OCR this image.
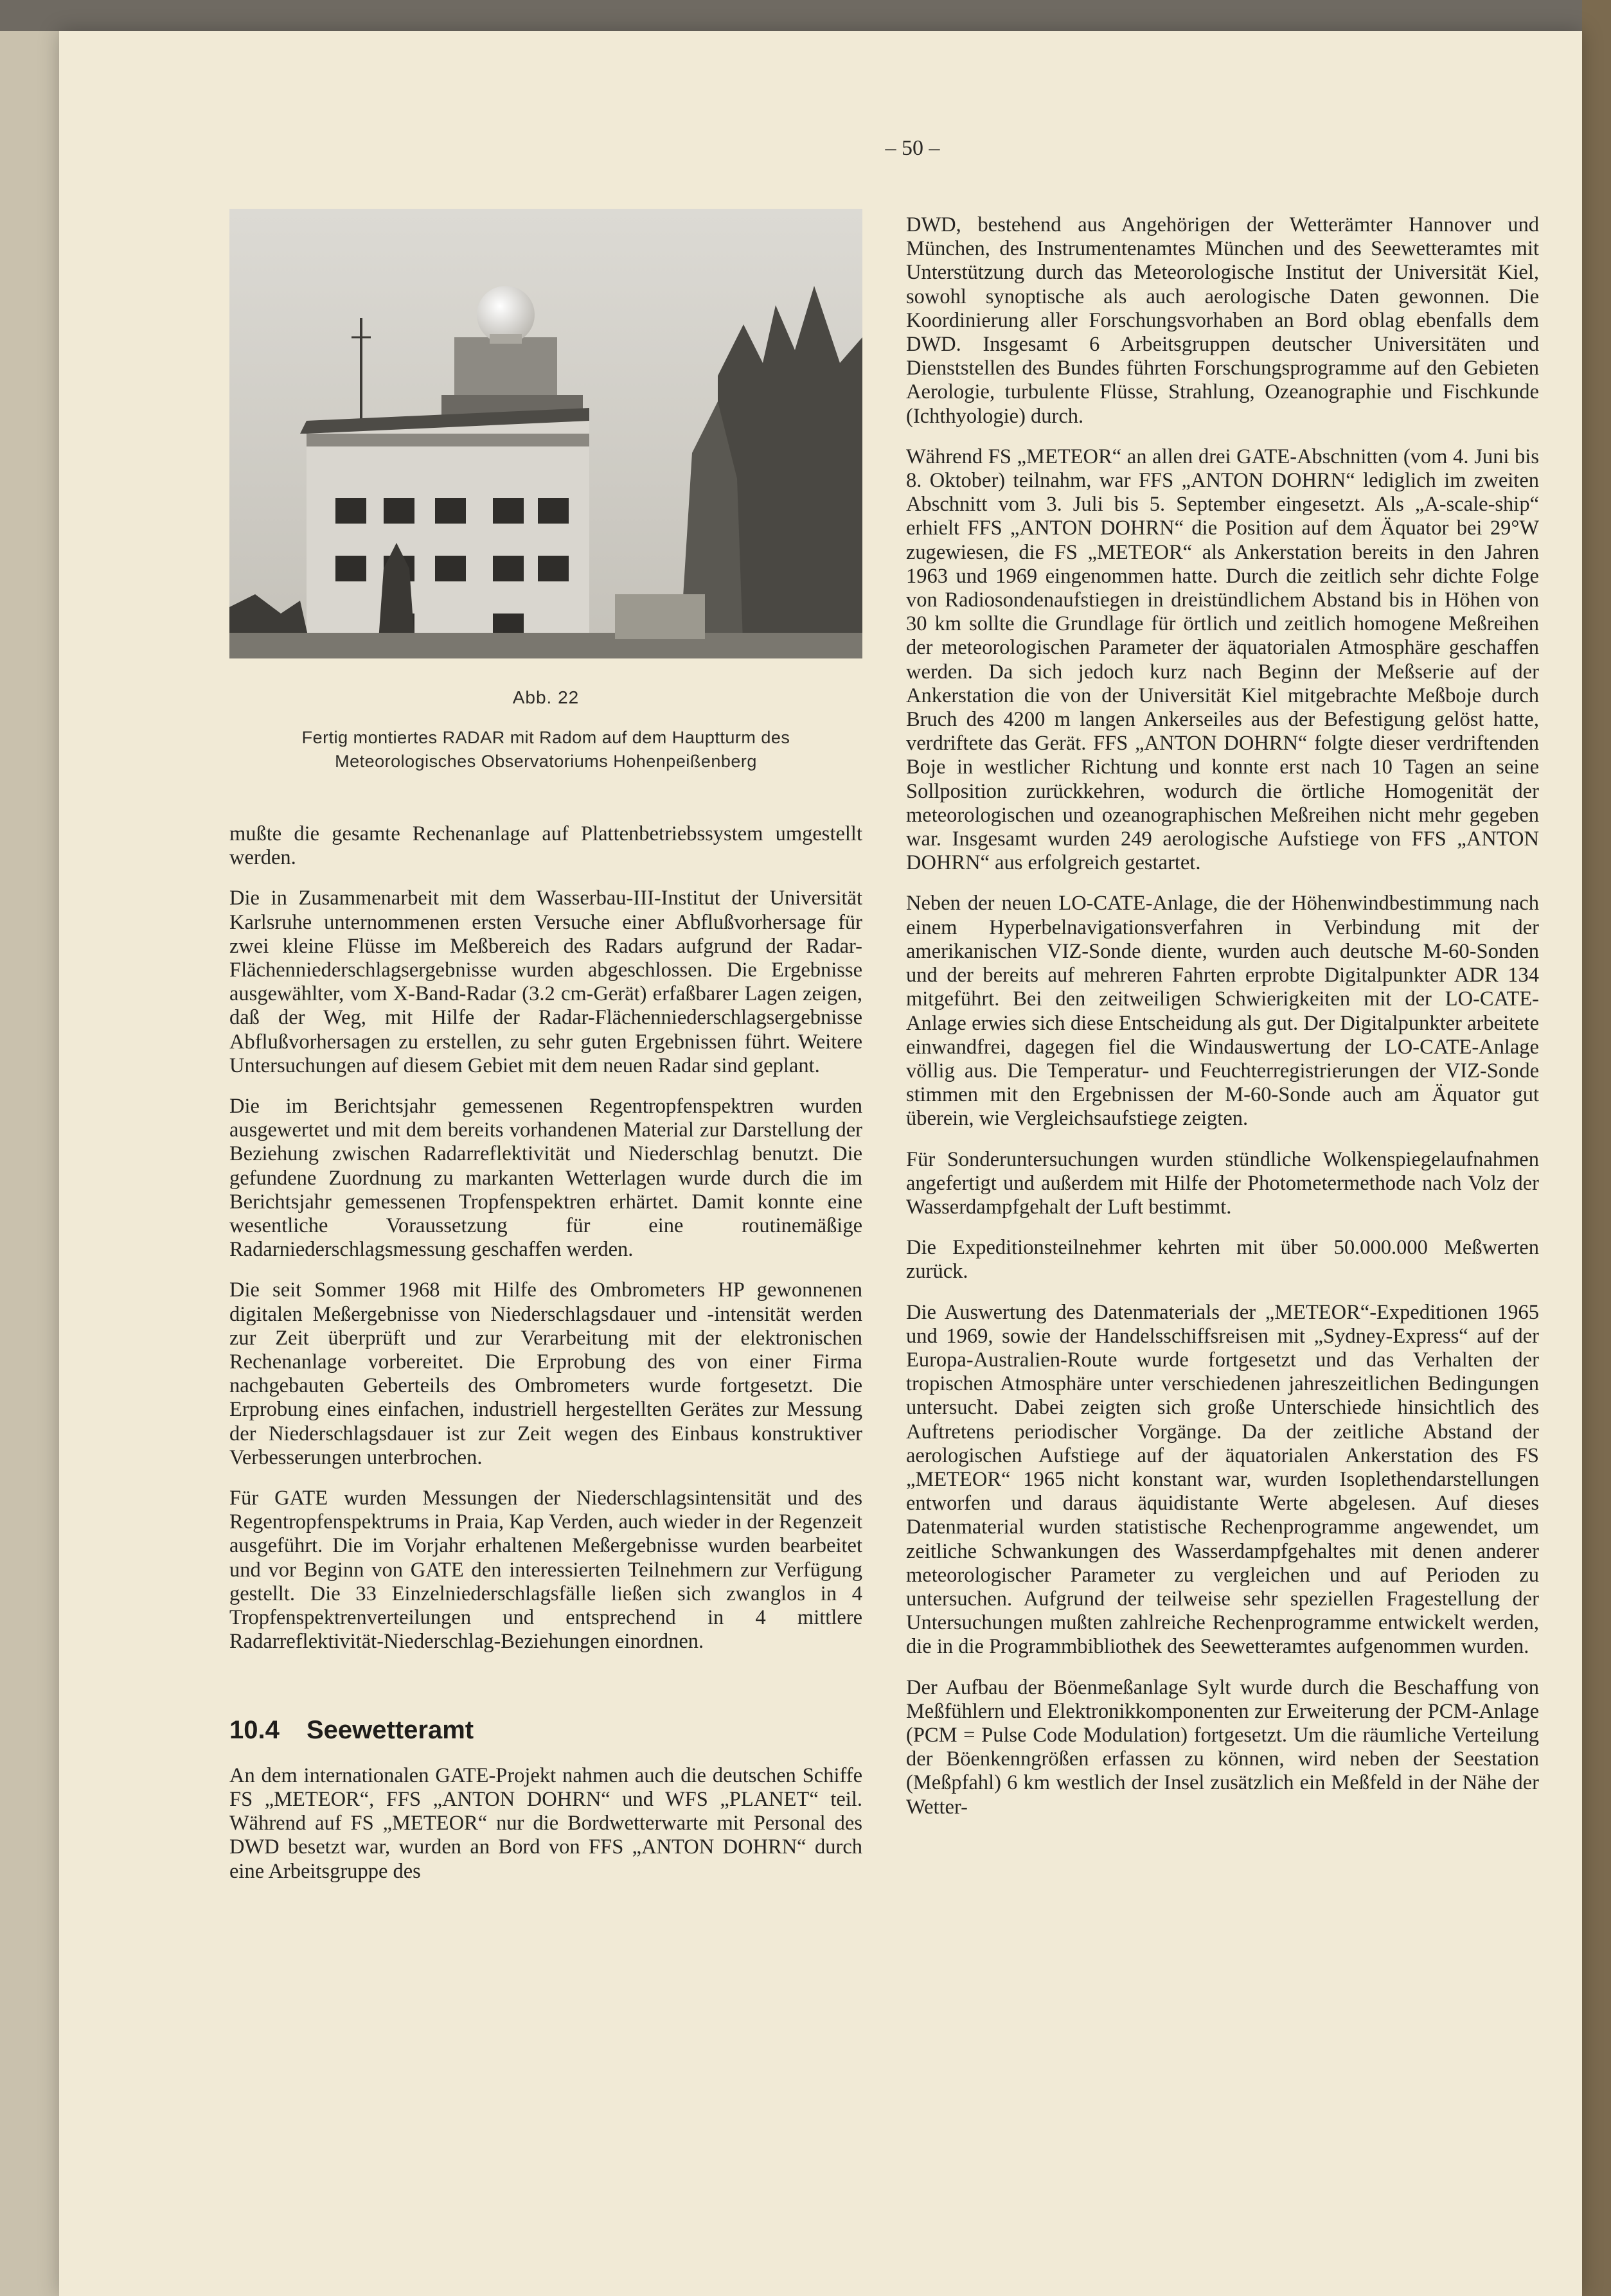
– 50 –
Abb. 22
Fertig montiertes RADAR mit Radom auf dem Hauptturm des Meteorologisches Observatoriums Hohenpeißenberg

mußte die gesamte Rechenanlage auf Plattenbetriebssystem umgestellt werden.

Die in Zusammenarbeit mit dem Wasserbau-III-Institut der Universität Karlsruhe unternommenen ersten Versuche einer Abflußvorhersage für zwei kleine Flüsse im Meßbereich des Radars aufgrund der Radar-Flächenniederschlagsergebnisse wurden abgeschlossen. Die Ergebnisse ausgewählter, vom X-Band-Radar (3.2 cm-Gerät) erfaßbarer Lagen zeigen, daß der Weg, mit Hilfe der Radar-Flächenniederschlagsergebnisse Abflußvorhersagen zu erstellen, zu sehr guten Ergebnissen führt. Weitere Untersuchungen auf diesem Gebiet mit dem neuen Radar sind geplant.

Die im Berichtsjahr gemessenen Regentropfenspektren wurden ausgewertet und mit dem bereits vorhandenen Material zur Darstellung der Beziehung zwischen Radarreflektivität und Niederschlag benutzt. Die gefundene Zuordnung zu markanten Wetterlagen wurde durch die im Berichtsjahr gemessenen Tropfenspektren erhärtet. Damit konnte eine wesentliche Voraussetzung für eine routinemäßige Radarniederschlagsmessung geschaffen werden.

Die seit Sommer 1968 mit Hilfe des Ombrometers HP gewonnenen digitalen Meßergebnisse von Niederschlagsdauer und -intensität werden zur Zeit überprüft und zur Verarbeitung mit der elektronischen Rechenanlage vorbereitet. Die Erprobung des von einer Firma nachgebauten Geberteils des Ombrometers wurde fortgesetzt. Die Erprobung eines einfachen, industriell hergestellten Gerätes zur Messung der Niederschlagsdauer ist zur Zeit wegen des Einbaus konstruktiver Verbesserungen unterbrochen.

Für GATE wurden Messungen der Niederschlagsintensität und des Regentropfenspektrums in Praia, Kap Verden, auch wieder in der Regenzeit ausgeführt. Die im Vorjahr erhaltenen Meßergebnisse wurden bearbeitet und vor Beginn von GATE den interessierten Teilnehmern zur Verfügung gestellt. Die 33 Einzelniederschlagsfälle ließen sich zwanglos in 4 Tropfenspektrenverteilungen und entsprechend in 4 mittlere Radarreflektivität-Niederschlag-Beziehungen einordnen.

10.4 Seewetteramt

An dem internationalen GATE-Projekt nahmen auch die deutschen Schiffe FS „METEOR“, FFS „ANTON DOHRN“ und WFS „PLANET“ teil. Während auf FS „METEOR“ nur die Bordwetterwarte mit Personal des DWD besetzt war, wurden an Bord von FFS „ANTON DOHRN“ durch eine Arbeitsgruppe des

DWD, bestehend aus Angehörigen der Wetterämter Hannover und München, des Instrumentenamtes München und des Seewetteramtes mit Unterstützung durch das Meteorologische Institut der Universität Kiel, sowohl synoptische als auch aerologische Daten gewonnen. Die Koordinierung aller Forschungsvorhaben an Bord oblag ebenfalls dem DWD. Insgesamt 6 Arbeitsgruppen deutscher Universitäten und Dienststellen des Bundes führten Forschungsprogramme auf den Gebieten Aerologie, turbulente Flüsse, Strahlung, Ozeanographie und Fischkunde (Ichthyologie) durch.

Während FS „METEOR“ an allen drei GATE-Abschnitten (vom 4. Juni bis 8. Oktober) teilnahm, war FFS „ANTON DOHRN“ lediglich im zweiten Abschnitt vom 3. Juli bis 5. September eingesetzt. Als „A-scale-ship“ erhielt FFS „ANTON DOHRN“ die Position auf dem Äquator bei 29°W zugewiesen, die FS „METEOR“ als Ankerstation bereits in den Jahren 1963 und 1969 eingenommen hatte. Durch die zeitlich sehr dichte Folge von Radiosondenaufstiegen in dreistündlichem Abstand bis in Höhen von 30 km sollte die Grundlage für örtlich und zeitlich homogene Meßreihen der meteorologischen Parameter der äquatorialen Atmosphäre geschaffen werden. Da sich jedoch kurz nach Beginn der Meßserie auf der Ankerstation die von der Universität Kiel mitgebrachte Meßboje durch Bruch des 4200 m langen Ankerseiles aus der Befestigung gelöst hatte, verdriftete das Gerät. FFS „ANTON DOHRN“ folgte dieser verdriftenden Boje in westlicher Richtung und konnte erst nach 10 Tagen an seine Sollposition zurückkehren, wodurch die örtliche Homogenität der meteorologischen und ozeanographischen Meßreihen nicht mehr gegeben war. Insgesamt wurden 249 aerologische Aufstiege von FFS „ANTON DOHRN“ aus erfolgreich gestartet.

Neben der neuen LO-CATE-Anlage, die der Höhenwindbestimmung nach einem Hyperbelnavigationsverfahren in Verbindung mit der amerikanischen VIZ-Sonde diente, wurden auch deutsche M-60-Sonden und der bereits auf mehreren Fahrten erprobte Digitalpunkter ADR 134 mitgeführt. Bei den zeitweiligen Schwierigkeiten mit der LO-CATE-Anlage erwies sich diese Entscheidung als gut. Der Digitalpunkter arbeitete einwandfrei, dagegen fiel die Windauswertung der LO-CATE-Anlage völlig aus. Die Temperatur- und Feuchterregistrierungen der VIZ-Sonde stimmen mit den Ergebnissen der M-60-Sonde auch am Äquator gut überein, wie Vergleichsaufstiege zeigten.

Für Sonderuntersuchungen wurden stündliche Wolkenspiegelaufnahmen angefertigt und außerdem mit Hilfe der Photometermethode nach Volz der Wasserdampfgehalt der Luft bestimmt.

Die Expeditionsteilnehmer kehrten mit über 50.000.000 Meßwerten zurück.

Die Auswertung des Datenmaterials der „METEOR“-Expeditionen 1965 und 1969, sowie der Handelsschiffsreisen mit „Sydney-Express“ auf der Europa-Australien-Route wurde fortgesetzt und das Verhalten der tropischen Atmosphäre unter verschiedenen jahreszeitlichen Bedingungen untersucht. Dabei zeigten sich große Unterschiede hinsichtlich des Auftretens periodischer Vorgänge. Da der zeitliche Abstand der aerologischen Aufstiege auf der äquatorialen Ankerstation des FS „METEOR“ 1965 nicht konstant war, wurden Isoplethendarstellungen entworfen und daraus äquidistante Werte abgelesen. Auf dieses Datenmaterial wurden statistische Rechenprogramme angewendet, um zeitliche Schwankungen des Wasserdampfgehaltes mit denen anderer meteorologischer Parameter zu vergleichen und auf Perioden zu untersuchen. Aufgrund der teilweise sehr speziellen Fragestellung der Untersuchungen mußten zahlreiche Rechenprogramme entwickelt werden, die in die Programmbibliothek des Seewetteramtes aufgenommen wurden.

Der Aufbau der Böenmeßanlage Sylt wurde durch die Beschaffung von Meßfühlern und Elektronikkomponenten zur Erweiterung der PCM-Anlage (PCM = Pulse Code Modulation) fortgesetzt. Um die räumliche Verteilung der Böenkenngrößen erfassen zu können, wird neben der Seestation (Meßpfahl) 6 km westlich der Insel zusätzlich ein Meßfeld in der Nähe der Wetter-
